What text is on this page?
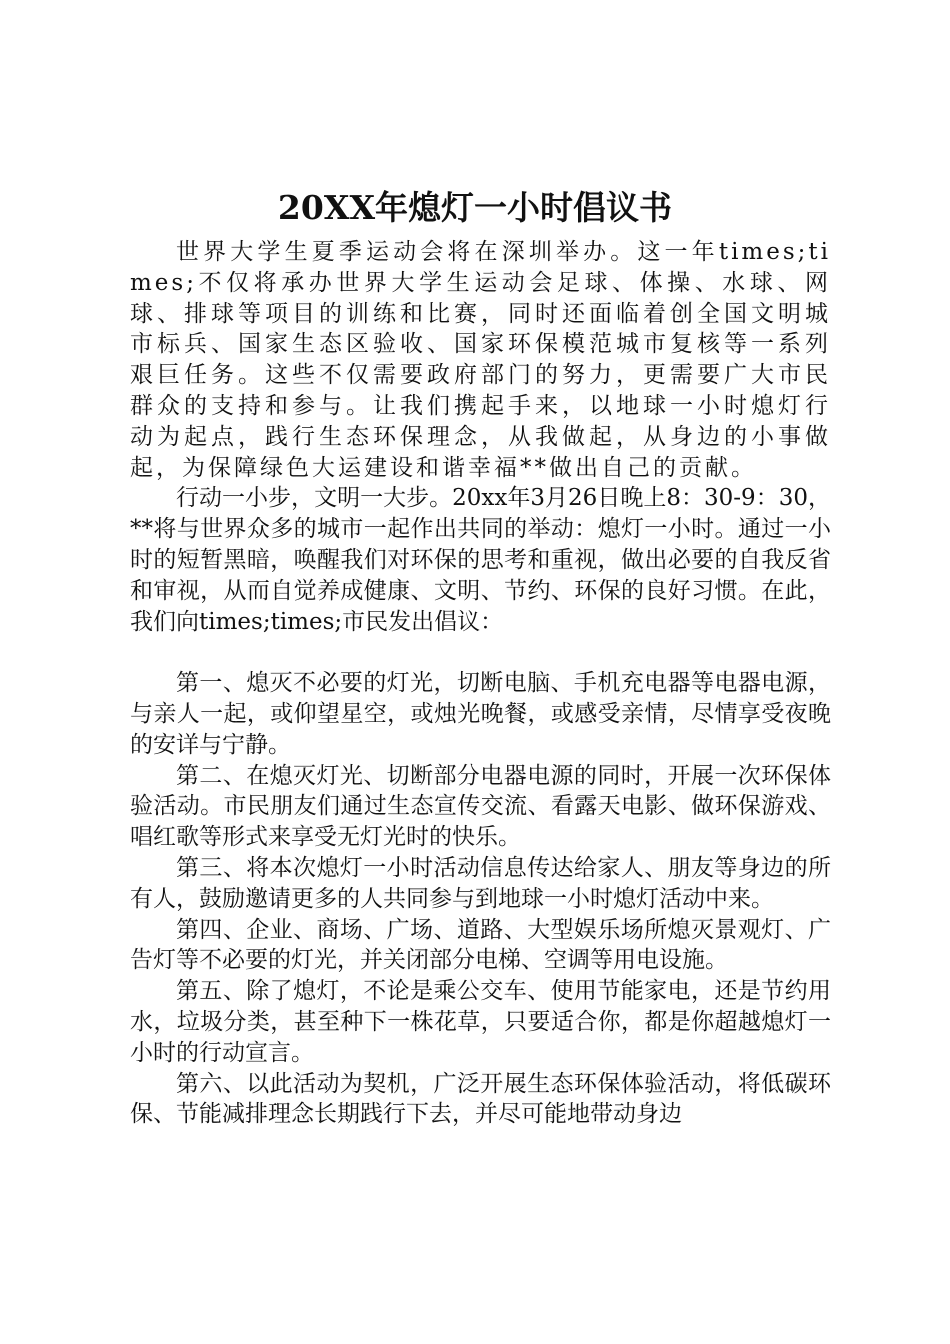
20XX年熄灯一小时倡议书

世界大学生夏季运动会将在深圳举办。这一年times;times;不仅将承办世界大学生运动会足球、体操、水球、网球、排球等项目的训练和比赛，同时还面临着创全国文明城市标兵、国家生态区验收、国家环保模范城市复核等一系列艰巨任务。这些不仅需要政府部门的努力，更需要广大市民群众的支持和参与。让我们携起手来，以地球一小时熄灯行动为起点，践行生态环保理念，从我做起，从身边的小事做起，为保障绿色大运建设和谐幸福**做出自己的贡献。

行动一小步，文明一大步。20xx年3月26日晚上8：30-9：30，**将与世界众多的城市一起作出共同的举动：熄灯一小时。通过一小时的短暂黑暗，唤醒我们对环保的思考和重视，做出必要的自我反省和审视，从而自觉养成健康、文明、节约、环保的良好习惯。在此，我们向times;times;市民发出倡议：

第一、熄灭不必要的灯光，切断电脑、手机充电器等电器电源，与亲人一起，或仰望星空，或烛光晚餐，或感受亲情，尽情享受夜晚的安详与宁静。

第二、在熄灭灯光、切断部分电器电源的同时，开展一次环保体验活动。市民朋友们通过生态宣传交流、看露天电影、做环保游戏、唱红歌等形式来享受无灯光时的快乐。

第三、将本次熄灯一小时活动信息传达给家人、朋友等身边的所有人，鼓励邀请更多的人共同参与到地球一小时熄灯活动中来。

第四、企业、商场、广场、道路、大型娱乐场所熄灭景观灯、广告灯等不必要的灯光，并关闭部分电梯、空调等用电设施。

第五、除了熄灯，不论是乘公交车、使用节能家电，还是节约用水，垃圾分类，甚至种下一株花草，只要适合你，都是你超越熄灯一小时的行动宣言。

第六、以此活动为契机，广泛开展生态环保体验活动，将低碳环保、节能减排理念长期践行下去，并尽可能地带动身边
